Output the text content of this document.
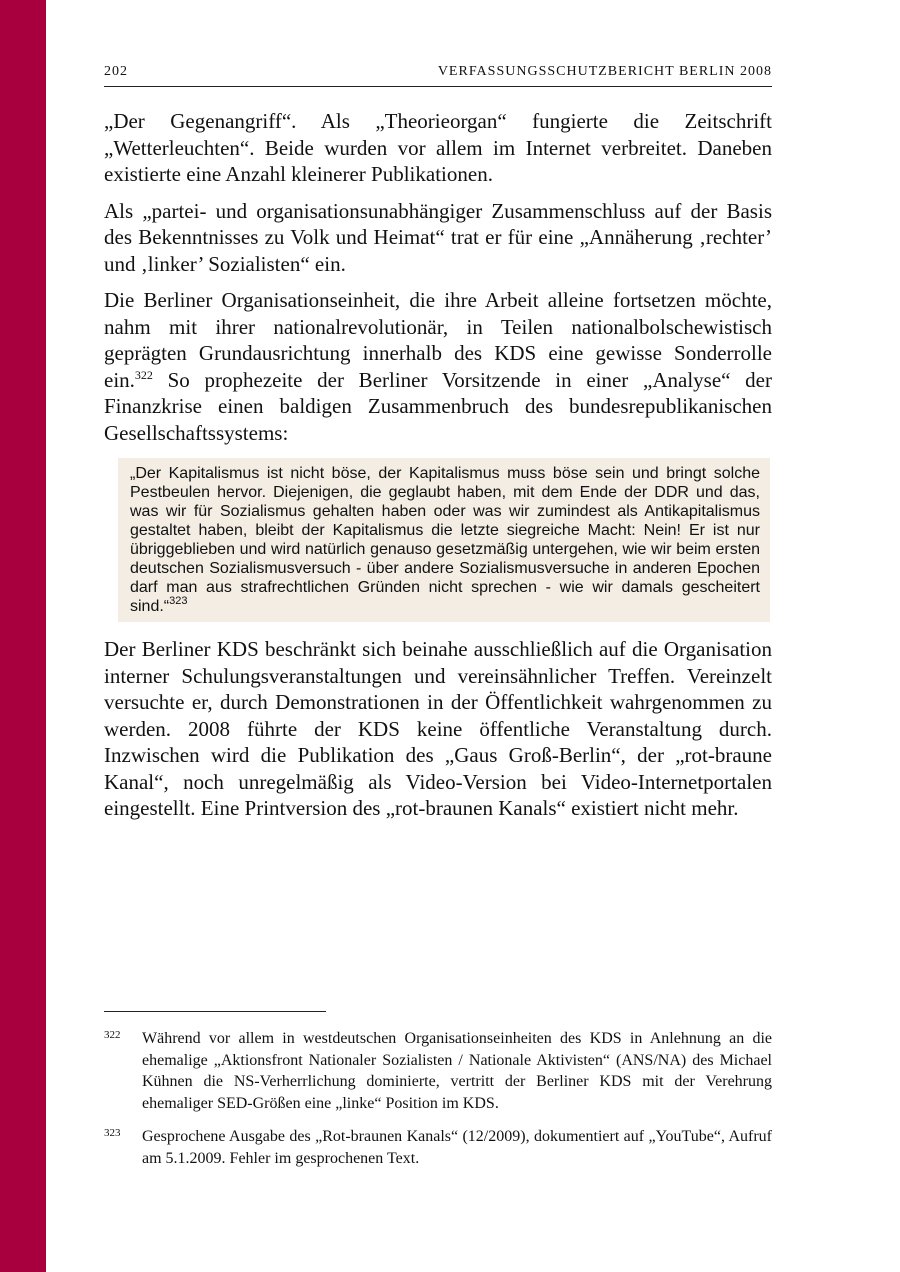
202	VERFASSUNGSSCHUTZBERICHT BERLIN 2008

„Der Gegenangriff“. Als „Theorieorgan“ fungierte die Zeitschrift „Wetterleuchten“. Beide wurden vor allem im Internet verbreitet. Daneben existierte eine Anzahl kleinerer Publikationen.

Als „partei- und organisationsunabhängiger Zusammenschluss auf der Basis des Bekenntnisses zu Volk und Heimat“ trat er für eine „Annäherung ‚rechter’ und ‚linker’ Sozialisten“ ein.

Die Berliner Organisationseinheit, die ihre Arbeit alleine fortsetzen möchte, nahm mit ihrer nationalrevolutionär, in Teilen nationalbolschewistisch geprägten Grundausrichtung innerhalb des KDS eine gewisse Sonderrolle ein.$^{322}$ So prophezeite der Berliner Vorsitzende in einer „Analyse“ der Finanzkrise einen baldigen Zusammenbruch des bundesrepublikanischen Gesellschaftssystems:

„Der Kapitalismus ist nicht böse, der Kapitalismus muss böse sein und bringt solche Pestbeulen hervor. Diejenigen, die geglaubt haben, mit dem Ende der DDR und das, was wir für Sozialismus gehalten haben oder was wir zumindest als Antikapitalismus gestaltet haben, bleibt der Kapitalismus die letzte siegreiche Macht: Nein! Er ist nur übriggeblieben und wird natürlich genauso gesetzmäßig untergehen, wie wir beim ersten deutschen Sozialismusversuch - über andere Sozialismusversuche in anderen Epochen darf man aus strafrechtlichen Gründen nicht sprechen - wie wir damals gescheitert sind.“$^{323}$

Der Berliner KDS beschränkt sich beinahe ausschließlich auf die Organisation interner Schulungsveranstaltungen und vereinsähnlicher Treffen. Vereinzelt versuchte er, durch Demonstrationen in der Öffentlichkeit wahrgenommen zu werden. 2008 führte der KDS keine öffentliche Veranstaltung durch. Inzwischen wird die Publikation des „Gaus Groß-Berlin“, der „rot-braune Kanal“, noch unregelmäßig als Video-Version bei Video-Internetportalen eingestellt. Eine Printversion des „rot-braunen Kanals“ existiert nicht mehr.

322	Während vor allem in westdeutschen Organisationseinheiten des KDS in Anlehnung an die ehemalige „Aktionsfront Nationaler Sozialisten / Nationale Aktivisten“ (ANS/NA) des Michael Kühnen die NS-Verherrlichung dominierte, vertritt der Berliner KDS mit der Verehrung ehemaliger SED-Größen eine „linke“ Position im KDS.
323	Gesprochene Ausgabe des „Rot-braunen Kanals“ (12/2009), dokumentiert auf „YouTube“, Aufruf am 5.1.2009. Fehler im gesprochenen Text.
